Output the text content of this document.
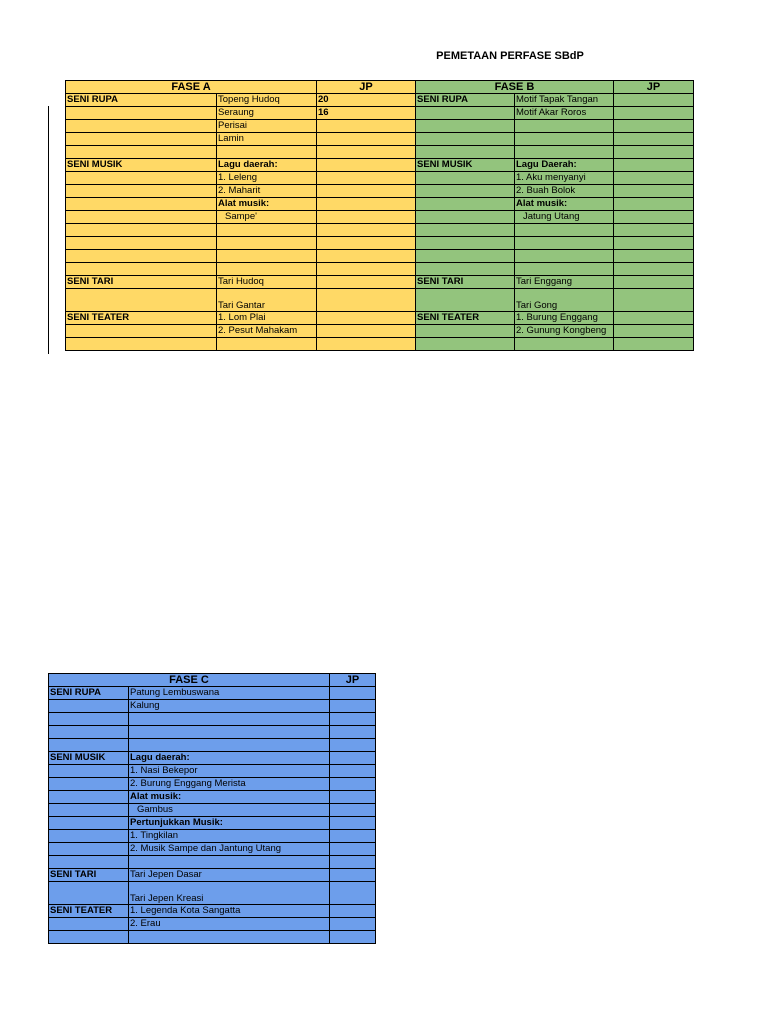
PEMETAAN PERFASE SBdP
FASE A		JP	FASE B		JP
SENI RUPA	Topeng Hudoq	20	SENI RUPA	Motif Tapak Tangan	
	Seraung	16		Motif Akar Roros	
	Perisai				
	Lamin				

SENI MUSIK	Lagu daerah:		SENI MUSIK	Lagu Daerah:	
	1. Leleng			1. Aku menyanyi	
	2. Maharit			2. Buah Bolok	
	Alat musik:			Alat musik:	
	Sampe'			Jatung Utang	

SENI TARI	Tari Hudoq		SENI TARI	Tari Enggang	

	Tari Gantar			Tari Gong	

SENI TEATER	1. Lom Plai		SENI TEATER	1. Burung Enggang	
	2. Pesut Mahakam			2. Gunung Kongbeng	

FASE C		JP
SENI RUPA	Patung Lembuswana	
	Kalung	

SENI MUSIK	Lagu daerah:	
	1. Nasi Bekepor	
	2. Burung Enggang Merista	
	Alat musik:	
	Gambus	
	Pertunjukkan Musik:	
	1. Tingkilan	
	2. Musik Sampe dan Jantung Utang	

SENI TARI	Tari Jepen Dasar	

	Tari Jepen Kreasi	

SENI TEATER	1. Legenda Kota Sangatta	
	2. Erau	
